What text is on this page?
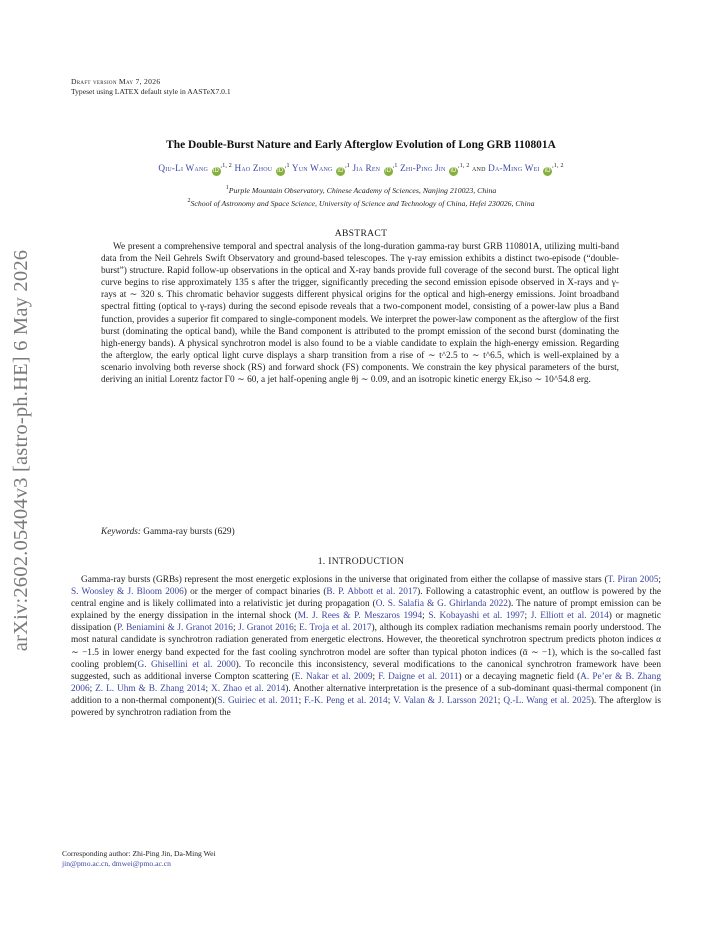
arXiv:2602.05404v3 [astro-ph.HE] 6 May 2026
Draft version May 7, 2026
Typeset using LATEX default style in AASTeX7.0.1
The Double-Burst Nature and Early Afterglow Evolution of Long GRB 110801A
Qiu-Li Wang $iD^{,1, 2}$ Hao Zhou $iD^{,1}$ Yun Wang $iD^{,1}$ Jia Ren $iD^{,1}$ Zhi-Ping Jin $iD^{,1, 2}$ and Da-Ming Wei $iD^{,1, 2}$
$^1$Purple Mountain Observatory, Chinese Academy of Sciences, Nanjing 210023, China
$^2$School of Astronomy and Space Science, University of Science and Technology of China, Hefei 230026, China
ABSTRACT
We present a comprehensive temporal and spectral analysis of the long-duration gamma-ray burst GRB 110801A, utilizing multi-band data from the Neil Gehrels Swift Observatory and ground-based telescopes. The γ-ray emission exhibits a distinct two-episode (“double-burst”) structure. Rapid follow-up observations in the optical and X-ray bands provide full coverage of the second burst. The optical light curve begins to rise approximately 135 s after the trigger, significantly preceding the second emission episode observed in X-rays and γ-rays at ∼ 320 s. This chromatic behavior suggests different physical origins for the optical and high-energy emissions. Joint broadband spectral fitting (optical to γ-rays) during the second episode reveals that a two-component model, consisting of a power-law plus a Band function, provides a superior fit compared to single-component models. We interpret the power-law component as the afterglow of the first burst (dominating the optical band), while the Band component is attributed to the prompt emission of the second burst (dominating the high-energy bands). A physical synchrotron model is also found to be a viable candidate to explain the high-energy emission. Regarding the afterglow, the early optical light curve displays a sharp transition from a rise of ∼ t^2.5 to ∼ t^6.5, which is well-explained by a scenario involving both reverse shock (RS) and forward shock (FS) components. We constrain the key physical parameters of the burst, deriving an initial Lorentz factor Γ0 ∼ 60, a jet half-opening angle θj ∼ 0.09, and an isotropic kinetic energy Ek,iso ∼ 10^54.8 erg.
Keywords: Gamma-ray bursts (629)
1. INTRODUCTION
Gamma-ray bursts (GRBs) represent the most energetic explosions in the universe that originated from either the collapse of massive stars (T. Piran 2005; S. Woosley & J. Bloom 2006) or the merger of compact binaries (B. P. Abbott et al. 2017). Following a catastrophic event, an outflow is powered by the central engine and is likely collimated into a relativistic jet during propagation (O. S. Salafia & G. Ghirlanda 2022). The nature of prompt emission can be explained by the energy dissipation in the internal shock (M. J. Rees & P. Meszaros 1994; S. Kobayashi et al. 1997; J. Elliott et al. 2014) or magnetic dissipation (P. Beniamini & J. Granot 2016; J. Granot 2016; E. Troja et al. 2017), although its complex radiation mechanisms remain poorly understood. The most natural candidate is synchrotron radiation generated from energetic electrons. However, the theoretical synchrotron spectrum predicts photon indices α ∼ −1.5 in lower energy band expected for the fast cooling synchrotron model are softer than typical photon indices (ᾱ ∼ −1), which is the so-called fast cooling problem(G. Ghisellini et al. 2000). To reconcile this inconsistency, several modifications to the canonical synchrotron framework have been suggested, such as additional inverse Compton scattering (E. Nakar et al. 2009; F. Daigne et al. 2011) or a decaying magnetic field (A. Pe’er & B. Zhang 2006; Z. L. Uhm & B. Zhang 2014; X. Zhao et al. 2014). Another alternative interpretation is the presence of a sub-dominant quasi-thermal component (in addition to a non-thermal component)(S. Guiriec et al. 2011; F.-K. Peng et al. 2014; V. Valan & J. Larsson 2021; Q.-L. Wang et al. 2025). The afterglow is powered by synchrotron radiation from the
Corresponding author: Zhi-Ping Jin, Da-Ming Wei
jin@pmo.ac.cn, dmwei@pmo.ac.cn
